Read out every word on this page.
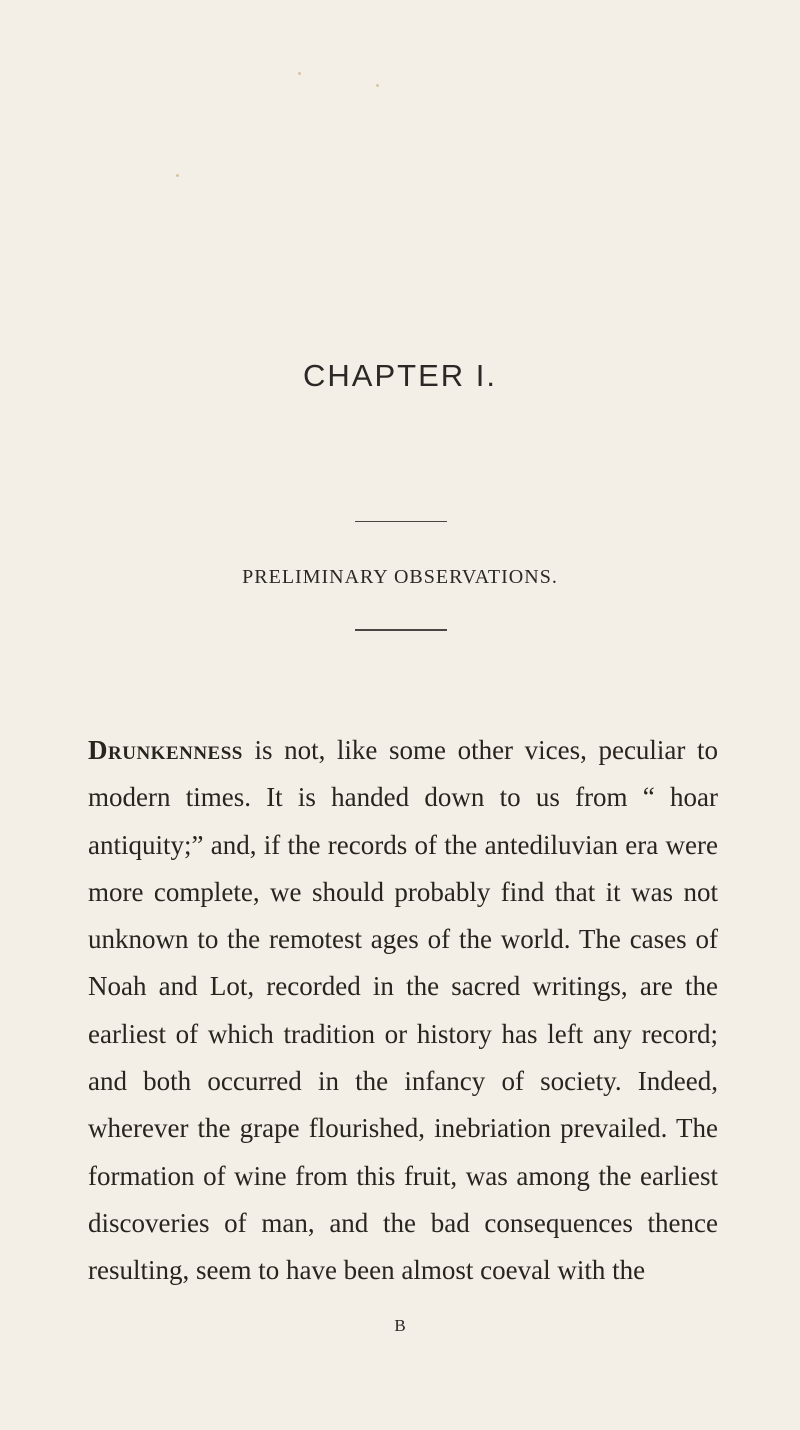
CHAPTER I.
PRELIMINARY OBSERVATIONS.

Drunkenness is not, like some other vices, peculiar to modern times. It is handed down to us from “ hoar antiquity;” and, if the records of the antediluvian era were more complete, we should probably find that it was not unknown to the remotest ages of the world. The cases of Noah and Lot, recorded in the sacred writings, are the earliest of which tradition or history has left any record; and both occurred in the infancy of society. Indeed, wherever the grape flourished, inebriation prevailed. The formation of wine from this fruit, was among the earliest discoveries of man, and the bad consequences thence resulting, seem to have been almost coeval with the

B
